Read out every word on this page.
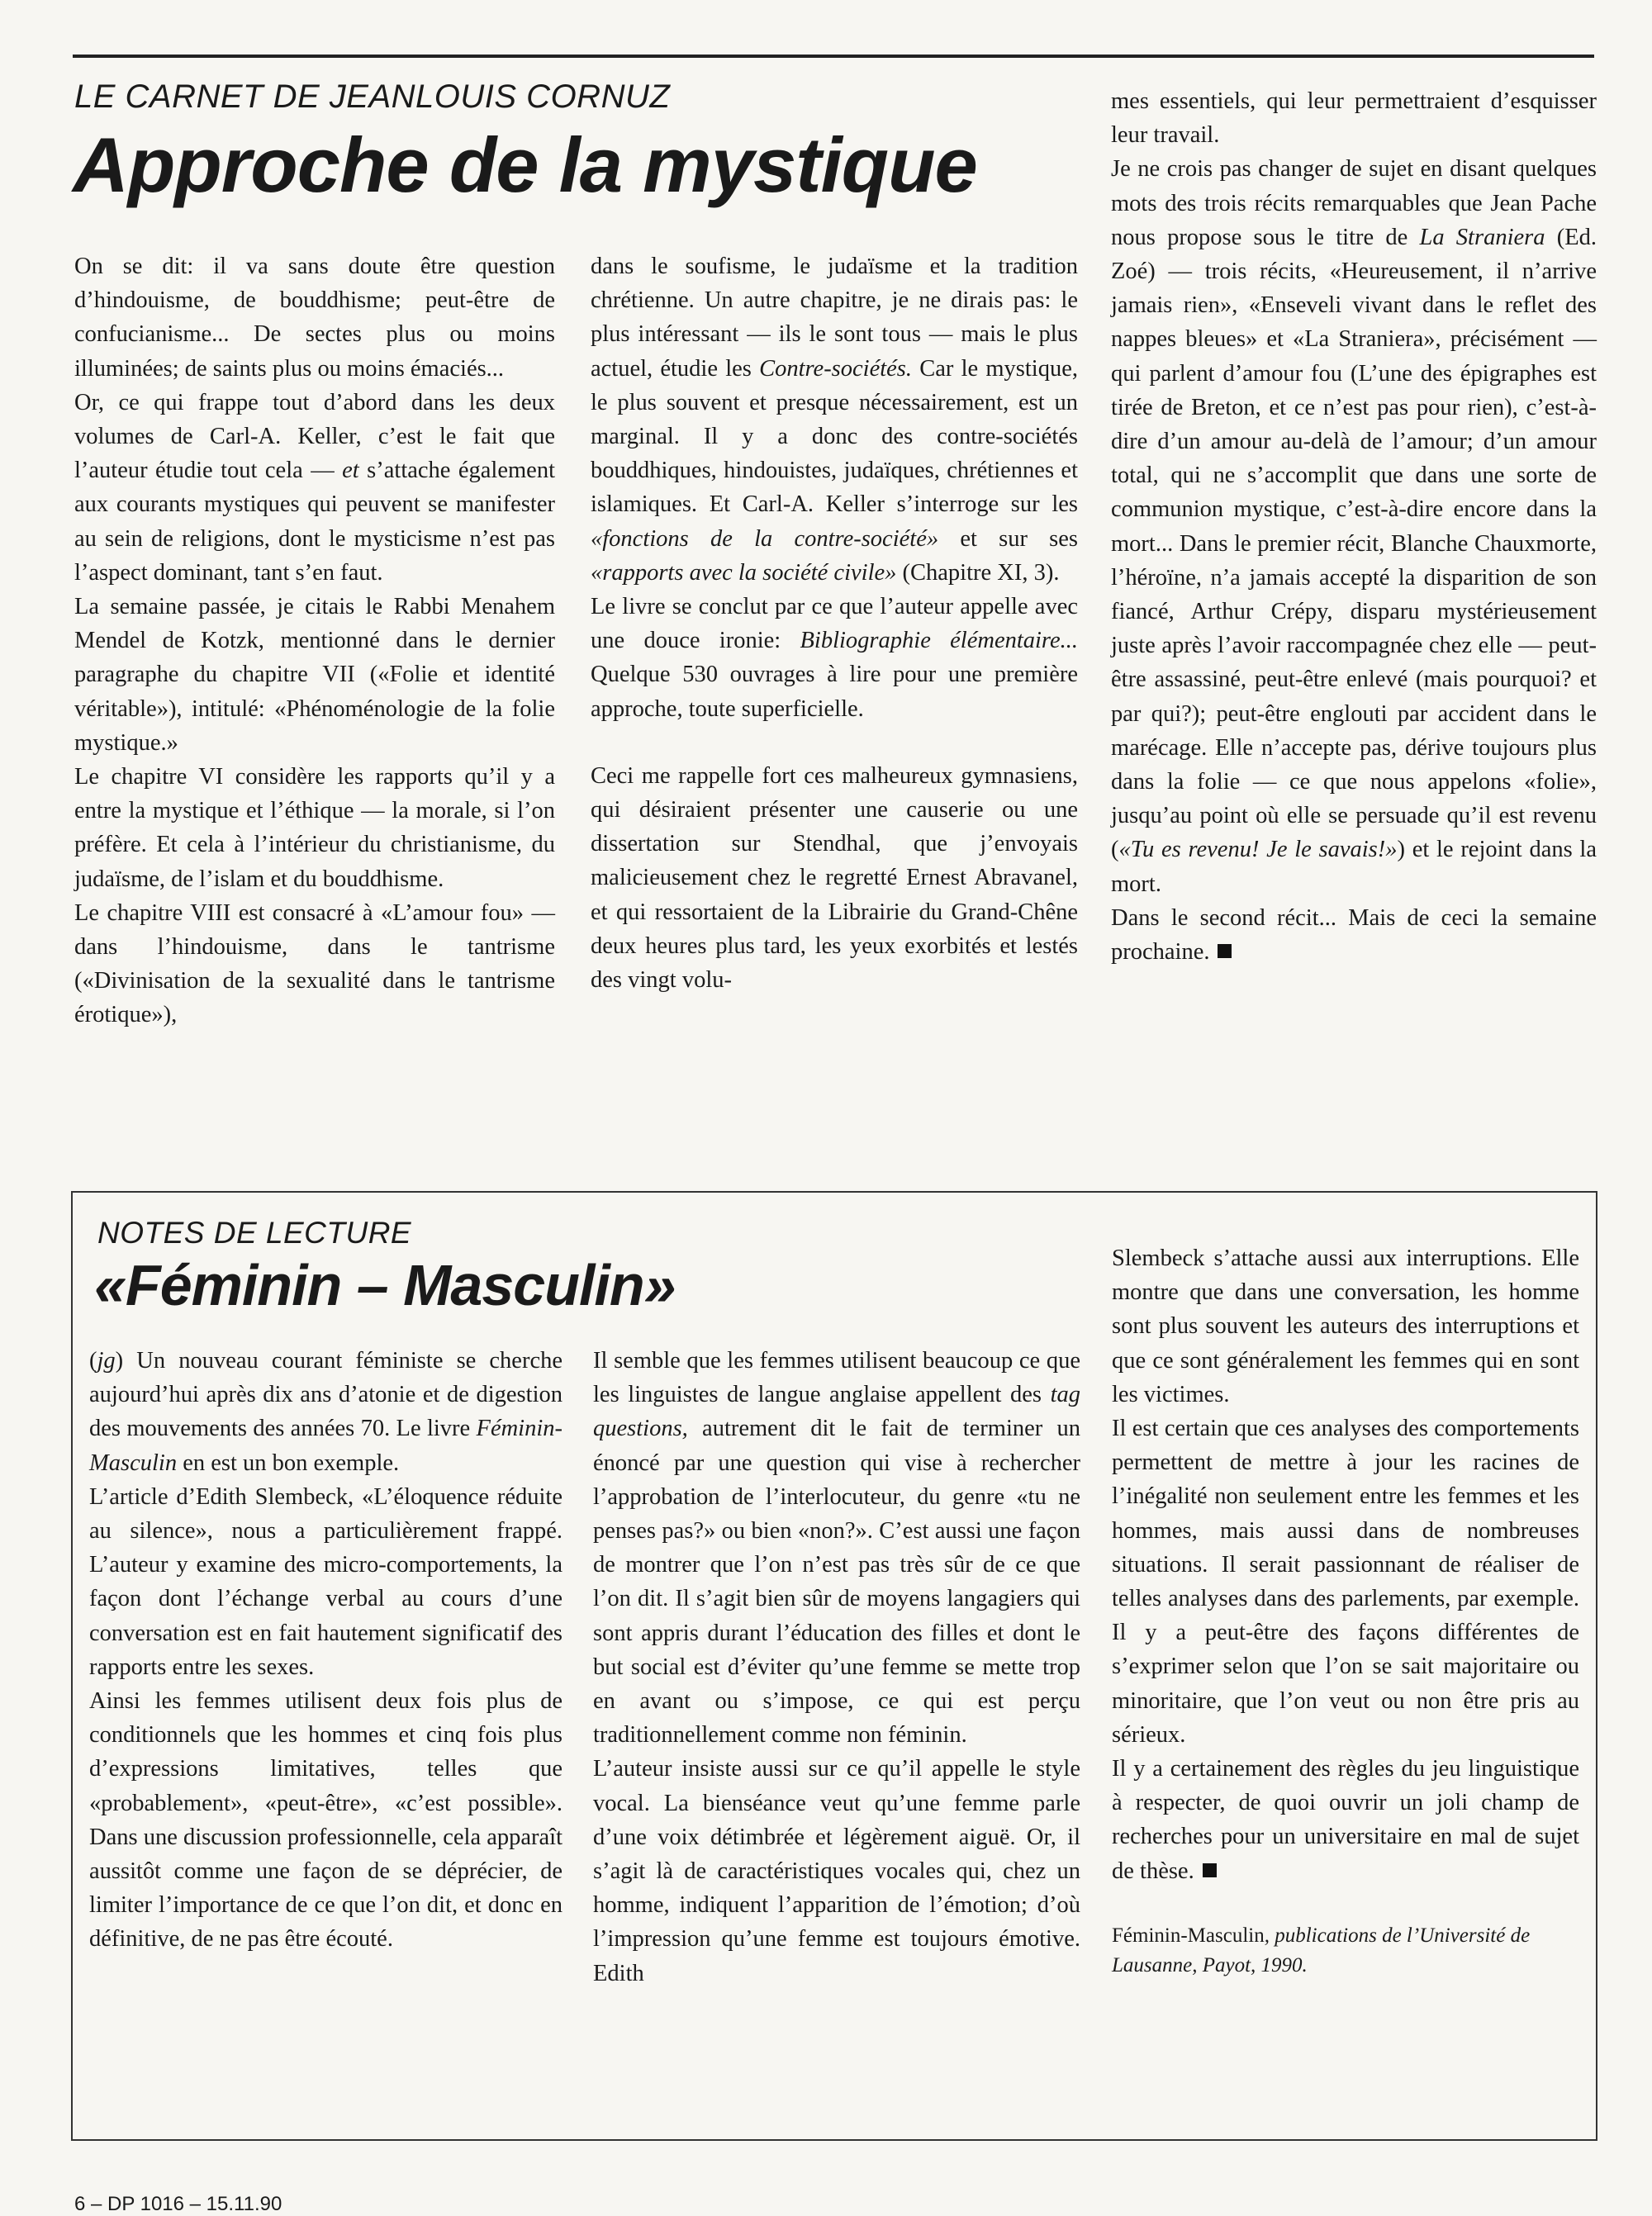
LE CARNET DE JEANLOUIS CORNUZ
Approche de la mystique

On se dit: il va sans doute être question d’hindouisme, de bouddhisme; peut-être de confucianisme... De sectes plus ou moins illuminées; de saints plus ou moins émaciés...

Or, ce qui frappe tout d’abord dans les deux volumes de Carl-A. Keller, c’est le fait que l’auteur étudie tout cela — et s’attache également aux courants mystiques qui peuvent se manifester au sein de religions, dont le mysticisme n’est pas l’aspect dominant, tant s’en faut.

La semaine passée, je citais le Rabbi Menahem Mendel de Kotzk, mentionné dans le dernier paragraphe du chapitre VII («Folie et identité véritable»), intitulé: «Phénoménologie de la folie mystique.»

Le chapitre VI considère les rapports qu’il y a entre la mystique et l’éthique — la morale, si l’on préfère. Et cela à l’intérieur du christianisme, du judaïsme, de l’islam et du bouddhisme.

Le chapitre VIII est consacré à «L’amour fou» — dans l’hindouisme, dans le tantrisme («Divinisation de la sexualité dans le tantrisme érotique»),

dans le soufisme, le judaïsme et la tradition chrétienne. Un autre chapitre, je ne dirais pas: le plus intéressant — ils le sont tous — mais le plus actuel, étudie les Contre-sociétés. Car le mystique, le plus souvent et presque nécessairement, est un marginal. Il y a donc des contre-sociétés bouddhiques, hindouistes, judaïques, chrétiennes et islamiques. Et Carl-A. Keller s’interroge sur les «fonctions de la contre-société» et sur ses «rapports avec la société civile» (Chapitre XI, 3).

Le livre se conclut par ce que l’auteur appelle avec une douce ironie: Bibliographie élémentaire... Quelque 530 ouvrages à lire pour une première approche, toute superficielle.

Ceci me rappelle fort ces malheureux gymnasiens, qui désiraient présenter une causerie ou une dissertation sur Stendhal, que j’envoyais malicieusement chez le regretté Ernest Abravanel, et qui ressortaient de la Librairie du Grand-Chêne deux heures plus tard, les yeux exorbités et lestés des vingt volu-

mes essentiels, qui leur permettraient d’esquisser leur travail.

Je ne crois pas changer de sujet en disant quelques mots des trois récits remarquables que Jean Pache nous propose sous le titre de La Straniera (Ed. Zoé) — trois récits, «Heureusement, il n’arrive jamais rien», «Enseveli vivant dans le reflet des nappes bleues» et «La Straniera», précisément — qui parlent d’amour fou (L’une des épigraphes est tirée de Breton, et ce n’est pas pour rien), c’est-à-dire d’un amour au-delà de l’amour; d’un amour total, qui ne s’accomplit que dans une sorte de communion mystique, c’est-à-dire encore dans la mort... Dans le premier récit, Blanche Chauxmorte, l’héroïne, n’a jamais accepté la disparition de son fiancé, Arthur Crépy, disparu mystérieusement juste après l’avoir raccompagnée chez elle — peut-être assassiné, peut-être enlevé (mais pourquoi? et par qui?); peut-être englouti par accident dans le marécage. Elle n’accepte pas, dérive toujours plus dans la folie — ce que nous appelons «folie», jusqu’au point où elle se persuade qu’il est revenu («Tu es revenu! Je le savais!») et le rejoint dans la mort.

Dans le second récit... Mais de ceci la semaine prochaine.

NOTES DE LECTURE
«Féminin – Masculin»

(jg) Un nouveau courant féministe se cherche aujourd’hui après dix ans d’atonie et de digestion des mouvements des années 70. Le livre Féminin-Masculin en est un bon exemple.

L’article d’Edith Slembeck, «L’éloquence réduite au silence», nous a particulièrement frappé. L’auteur y examine des micro-comportements, la façon dont l’échange verbal au cours d’une conversation est en fait hautement significatif des rapports entre les sexes.

Ainsi les femmes utilisent deux fois plus de conditionnels que les hommes et cinq fois plus d’expressions limitatives, telles que «probablement», «peut-être», «c’est possible». Dans une discussion professionnelle, cela apparaît aussitôt comme une façon de se déprécier, de limiter l’importance de ce que l’on dit, et donc en définitive, de ne pas être écouté.

Il semble que les femmes utilisent beaucoup ce que les linguistes de langue anglaise appellent des tag questions, autrement dit le fait de terminer un énoncé par une question qui vise à rechercher l’approbation de l’interlocuteur, du genre «tu ne penses pas?» ou bien «non?». C’est aussi une façon de montrer que l’on n’est pas très sûr de ce que l’on dit. Il s’agit bien sûr de moyens langagiers qui sont appris durant l’éducation des filles et dont le but social est d’éviter qu’une femme se mette trop en avant ou s’impose, ce qui est perçu traditionnellement comme non féminin.

L’auteur insiste aussi sur ce qu’il appelle le style vocal. La bienséance veut qu’une femme parle d’une voix détimbrée et légèrement aiguë. Or, il s’agit là de caractéristiques vocales qui, chez un homme, indiquent l’apparition de l’émotion; d’où l’impression qu’une femme est toujours émotive. Edith

Slembeck s’attache aussi aux interruptions. Elle montre que dans une conversation, les homme sont plus souvent les auteurs des interruptions et que ce sont généralement les femmes qui en sont les victimes.

Il est certain que ces analyses des comportements permettent de mettre à jour les racines de l’inégalité non seulement entre les femmes et les hommes, mais aussi dans de nombreuses situations. Il serait passionnant de réaliser de telles analyses dans des parlements, par exemple. Il y a peut-être des façons différentes de s’exprimer selon que l’on se sait majoritaire ou minoritaire, que l’on veut ou non être pris au sérieux.

Il y a certainement des règles du jeu linguistique à respecter, de quoi ouvrir un joli champ de recherches pour un universitaire en mal de sujet de thèse.

Féminin-Masculin, publications de l’Université de Lausanne, Payot, 1990.

6 – DP 1016 – 15.11.90
